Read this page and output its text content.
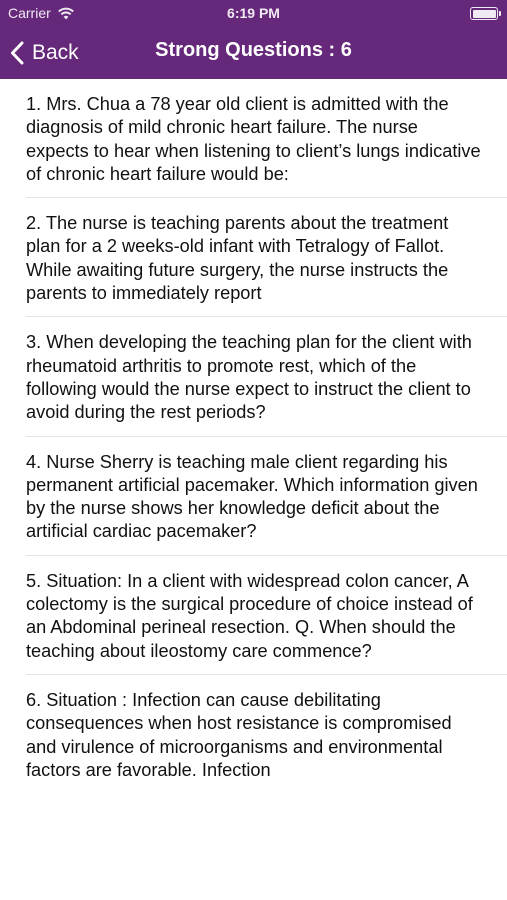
Carrier	6:19 PM
Back	Strong Questions : 6
1. Mrs. Chua a 78 year old client is admitted with the diagnosis of mild chronic heart failure. The nurse expects to hear when listening to client’s lungs indicative of chronic heart failure would be:
2. The nurse is teaching parents about the treatment plan for a 2 weeks-old infant with Tetralogy of Fallot. While awaiting future surgery, the nurse instructs the parents to immediately report
3. When developing the teaching plan for the client with rheumatoid arthritis to promote rest, which of the following would the nurse expect to instruct the client to avoid during the rest periods?
4. Nurse Sherry is teaching male client regarding his permanent artificial pacemaker. Which information given by the nurse shows her knowledge deficit about the artificial cardiac pacemaker?
5. Situation: In a client with widespread colon cancer, A colectomy is the surgical procedure of choice instead of an Abdominal perineal resection. Q. When should the teaching about ileostomy care commence?
6. Situation : Infection can cause debilitating consequences when host resistance is compromised and virulence of microorganisms and environmental factors are favorable. Infection
